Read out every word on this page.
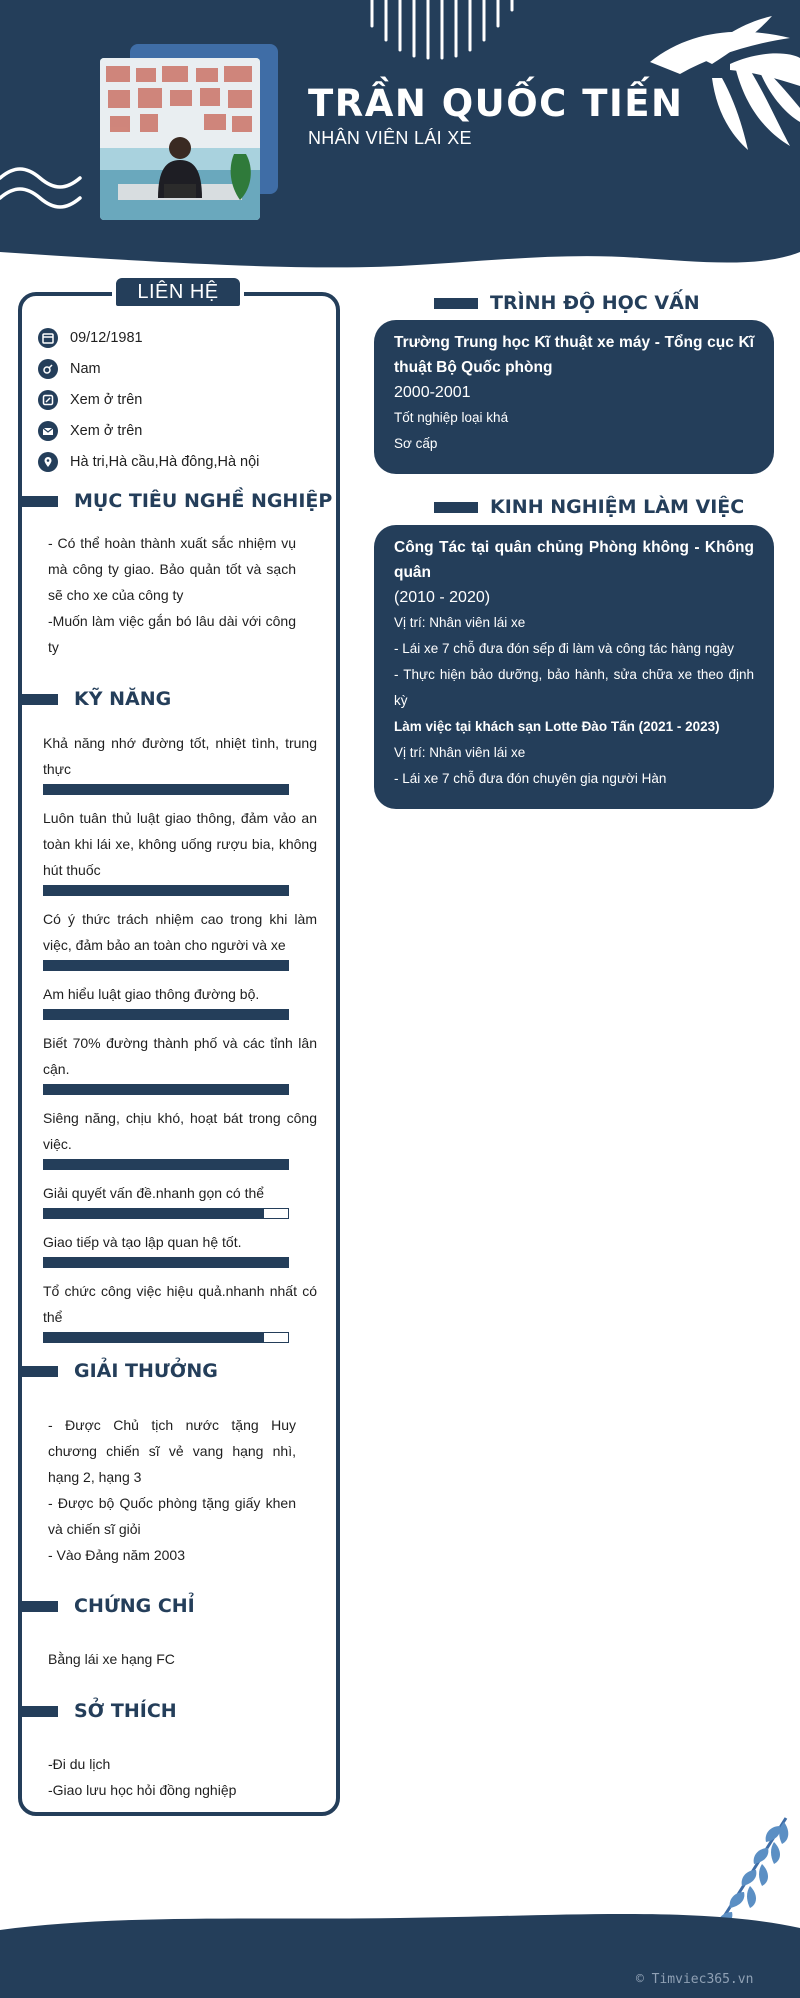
TRẦN QUỐC TIẾN
NHÂN VIÊN LÁI XE
LIÊN HỆ
09/12/1981
Nam
Xem ở trên
Xem ở trên
Hà tri,Hà cầu,Hà đông,Hà nội
MỤC TIÊU NGHỀ NGHIỆP
- Có thể hoàn thành xuất sắc nhiệm vụ mà công ty giao. Bảo quản tốt và sạch sẽ cho xe của công ty
-Muốn làm việc gắn bó lâu dài với công ty
KỸ NĂNG
Khả năng nhớ đường tốt, nhiệt tình, trung thực
Luôn tuân thủ luật giao thông, đảm vảo an toàn khi lái xe, không uống rượu bia, không hút thuốc
Có ý thức trách nhiệm cao trong khi làm việc, đảm bảo an toàn cho người và xe
Am hiểu luật giao thông đường bộ.
Biết 70% đường thành phố và các tỉnh lân cận.
Siêng năng, chịu khó, hoạt bát trong công việc.
Giải quyết vấn đề.nhanh gọn có thể
Giao tiếp và tạo lập quan hệ tốt.
Tổ chức công việc hiệu quả.nhanh nhất có thể
GIẢI THƯỞNG
- Được Chủ tịch nước tặng Huy chương chiến sĩ vẻ vang hạng nhì, hạng 2, hạng 3
- Được bộ Quốc phòng tặng giấy khen và chiến sĩ giỏi
- Vào Đảng năm 2003
CHỨNG CHỈ
Bằng lái xe hạng FC
SỞ THÍCH
-Đi du lịch
-Giao lưu học hỏi đồng nghiệp
TRÌNH ĐỘ HỌC VẤN
Trường Trung học Kĩ thuật xe máy - Tổng cục Kĩ thuật Bộ Quốc phòng
2000-2001
Tốt nghiệp loại khá
Sơ cấp
KINH NGHIỆM LÀM VIỆC
Công Tác tại quân chủng Phòng không - Không quân
(2010 - 2020)
Vị trí: Nhân viên lái xe
- Lái xe 7 chỗ đưa đón sếp đi làm và công tác hàng ngày
- Thực hiện bảo dưỡng, bảo hành, sửa chữa xe theo định kỳ
Làm việc tại khách sạn Lotte Đào Tấn (2021 - 2023)
Vị trí: Nhân viên lái xe
- Lái xe 7 chỗ đưa đón chuyên gia người Hàn
© Timviec365.vn
